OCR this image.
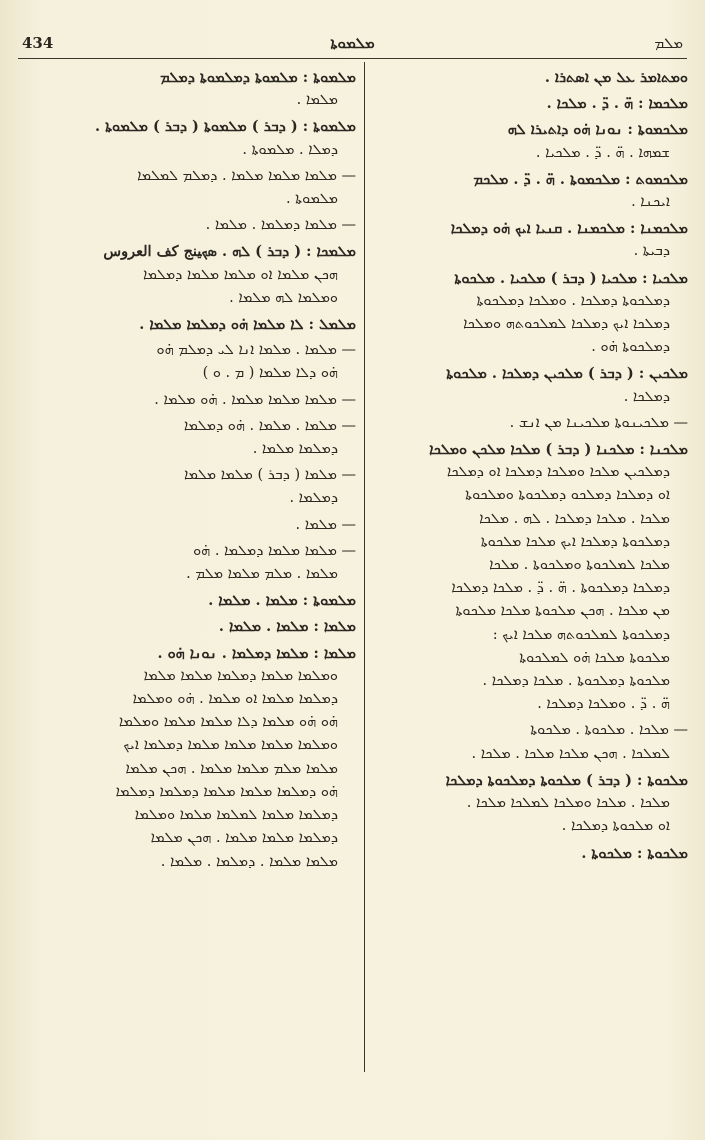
434	ܡܠܡܘܬܐ	ܡܠܡ
ܘܡܬܐܡܪ ܥܠ ܡܢ ܐܣܬܪܐ .
ܡܠܟܡܐ : ܗ̈ . ܕ̈ . ܡܠܟܐ .
ܡܠܟܡܘܬܐ : ܢܘܢܐ ܗ̇ܘ ܕܐܬܝܪܐ ܠܗ
ܫܡܗܐ . ܗ̈ . ܕ̈ . ܡܠܟܝܐ .
ܡܠܟܡܘܬ : ܡܠܟܡܘܬܐ . ܗ̈ . ܕ̈ . ܡܠܟܡ
ܐܝܟܢܐ .
ܡܠܟܡܢܐ : ܡܠܟܡܢܐ . ܩܢܝܐ ܐܝܟ ܗ̇ܘ ܕܡܠܟܐ
ܕܒܝܬܐ .
ܡܠܟܝܐ : ܡܠܟܝܐ ( ܕܒܪ ) ܡܠܟܝܐ . ܡܠܟܘܬܐ
ܕܡܠܟܘܬܐ ܕܡܠܟܐ . ܘܡܠܟܐ ܕܡܠܟܘܬܐ
ܕܡܠܟܐ ܐܝܟ ܕܡܠܟܐ ܠܡܠܟܘܬܗ ܘܡܠܟܐ
ܕܡܠܟܘܬܐ ܗ̇ܘ .
ܡܠܟܝܢ : ( ܕܒܪ ) ܡܠܟܝܢ ܕܡܠܟܐ . ܡܠܟܘܬܐ
ܕܡܠܟܐ .
— ܡܠܟܝܢܘܬܐ ܡܠܟܝܢܐ ܡܢ ܐܢܫ .
ܡܠܟܢܐ : ܡܠܟܢܐ ( ܕܒܪ ) ܡܠܟܐ ܡܠܟܢ ܘܡܠܟܐ
ܕܡܠܟܝܢ ܡܠܟܐ ܘܡܠܟܐ ܕܡܠܟܐ ܐܘ ܕܡܠܟܐ
ܐܘ ܕܡܠܟܐ ܕܡܠܟܘ ܕܡܠܟܘܬܐ ܘܡܠܟܘܬܐ
ܡܠܟܐ . ܡܠܟܐ ܕܡܠܟܐ . ܠܗ . ܡܠܟܐ
ܕܡܠܟܘܬܐ ܕܡܠܟܐ ܐܝܟ ܡܠܟܐ ܡܠܟܘܬܐ
ܡܠܟܐ ܠܡܠܟܘܬܐ ܘܡܠܟܘܬܐ . ܡܠܟܐ
ܕܡܠܟܐ ܕܡܠܟܘܬܐ . ܗ̈ . ܕ̈ . ܡܠܟܐ ܕܡܠܟܐ
ܡܢ ܡܠܟܐ . ܗܟܢ ܡܠܟܘܬܐ ܡܠܟܐ ܡܠܟܘܬܐ
ܕܡܠܟܘܬܐ ܠܡܠܟܘܬܗ ܡܠܟܐ ܐܝܟ :
ܡܠܟܘܬܐ ܡܠܟܐ ܗ̇ܘ ܠܡܠܟܘܬܐ
ܡܠܟܘܬܐ ܕܡܠܟܘܬܐ . ܡܠܟܐ ܕܡܠܟܐ .
ܗ̈ . ܕ̈ . ܘܡܠܟܐ ܕܡܠܟܐ .
— ܡܠܟܐ . ܡܠܟܘܬܐ . ܡܠܟܘܬܐ
ܠܡܠܟܐ . ܗܟܢ ܡܠܟܐ ܡܠܟܐ . ܡܠܟܐ .
ܡܠܟܘܬܐ : ( ܕܒܪ ) ܡܠܟܘܬܐ ܕܡܠܟܘܬܐ ܕܡܠܟܐ
ܡܠܟܐ . ܡܠܟܐ ܘܡܠܟܐ ܠܡܠܟܐ ܡܠܟܐ .
ܐܘ ܡܠܟܘܬܐ ܕܡܠܟܐ .
ܡܠܟܘܬܐ : ܡܠܟܘܬܐ .
ܡܠܡܘܬܐ : ܡܠܡܘܬܐ ܕܡܠܡܘܬܐ ܕܡܠܡ
ܡܠܡܐ .
ܡܠܡܘܬܐ : ( ܕܒܪ ) ܡܠܡܘܬܐ ( ܕܒܪ ) ܡܠܡܘܬܐ .
ܕܡܠܐ . ܡܠܡܘܬܐ .
— ܡܠܡܐ ܡܠܡܐ ܡܠܡܐ . ܕܡܠܡ ܠܡܠܡܐ
ܡܠܡܘܬܐ .
— ܡܠܡܐ ܕܡܠܡܐ . ܡܠܡܐ .
ܡܠܡܟܐ : ( ܕܒܪ ) ܠܗ . ܣܟﯿﻨﺞ ﻛﻒ ﺍﻟﻌﺮﻭﺱ
ܗܟܢ ܡܠܡܐ ܐܘ ܡܠܡܐ ܡܠܡܐ ܕܡܠܡܐ
ܘܡܠܡܐ ܠܗ ܡܠܡܐ .
ܡܠܡܠ : ܠܐ ܡܠܡܐ ܗ̇ܘ ܕܡܠܡܐ ܡܠܡܐ .
— ܡܠܡܐ . ܡܠܡܐ ܐܢܐ ܠܝ ܕܡܠܡ ܗ̇ܘ
ܗ̇ܘ ܕܠܐ ܡܠܡܐ ( ܡ . ܘ )
— ܡܠܡܐ ܡܠܡܐ ܡܠܡܐ . ܗ̇ܘ ܡܠܡܐ .
— ܡܠܡܐ . ܡܠܡܐ . ܗ̇ܘ ܕܡܠܡܐ
ܕܡܠܡܐ ܡܠܡܐ .
— ܡܠܡܐ ( ܕܒܪ ) ܡܠܡܐ ܡܠܡܐ
ܕܡܠܡܐ .
— ܡܠܡܐ .
— ܡܠܡܐ ܡܠܡܐ ܕܡܠܡܐ . ܗ̇ܘ
ܡܠܡܐ . ܡܠܡ ܡܠܡܐ ܡܠܡ .
ܡܠܡܘܬܐ : ܡܠܡܐ . ܡܠܡܐ .
ܡܠܡܐ : ܡܠܡܐ . ܡܠܡܐ .
ܡܠܡܐ : ܡܠܡܐ ܕܡܠܡܐ . ܢܘܢܐ ܗ̇ܘ .
ܘܡܠܡܐ ܡܠܡܐ ܕܡܠܡܐ ܡܠܡܐ ܡܠܡܐ
ܕܡܠܡܐ ܡܠܡܐ ܐܘ ܡܠܡܐ . ܗ̇ܘ ܘܡܠܡܐ
ܗ̇ܘ ܗ̇ܘ ܡܠܡܐ ܕܠܐ ܡܠܡܐ ܡܠܡܐ ܘܡܠܡܐ
ܘܡܠܡܐ ܡܠܡܐ ܡܠܡܐ ܡܠܡܐ ܕܡܠܡܐ ܐܝܟ
ܡܠܡܐ ܡܠܡ ܡܠܡܐ ܡܠܡܐ . ܗܟܢ ܡܠܡܐ
ܗ̇ܘ ܕܡܠܡܐ ܡܠܡܐ ܡܠܡܐ ܕܡܠܡܐ ܕܡܠܡܐ
ܕܡܠܡܐ ܡܠܡܐ ܠܡܠܡܐ ܡܠܡܐ ܘܡܠܡܐ
ܕܡܠܡܐ ܡܠܡܐ ܡܠܡܐ . ܗܟܢ ܡܠܡܐ
ܡܠܡܐ ܡܠܡܐ . ܕܡܠܡܐ . ܡܠܡܐ .
